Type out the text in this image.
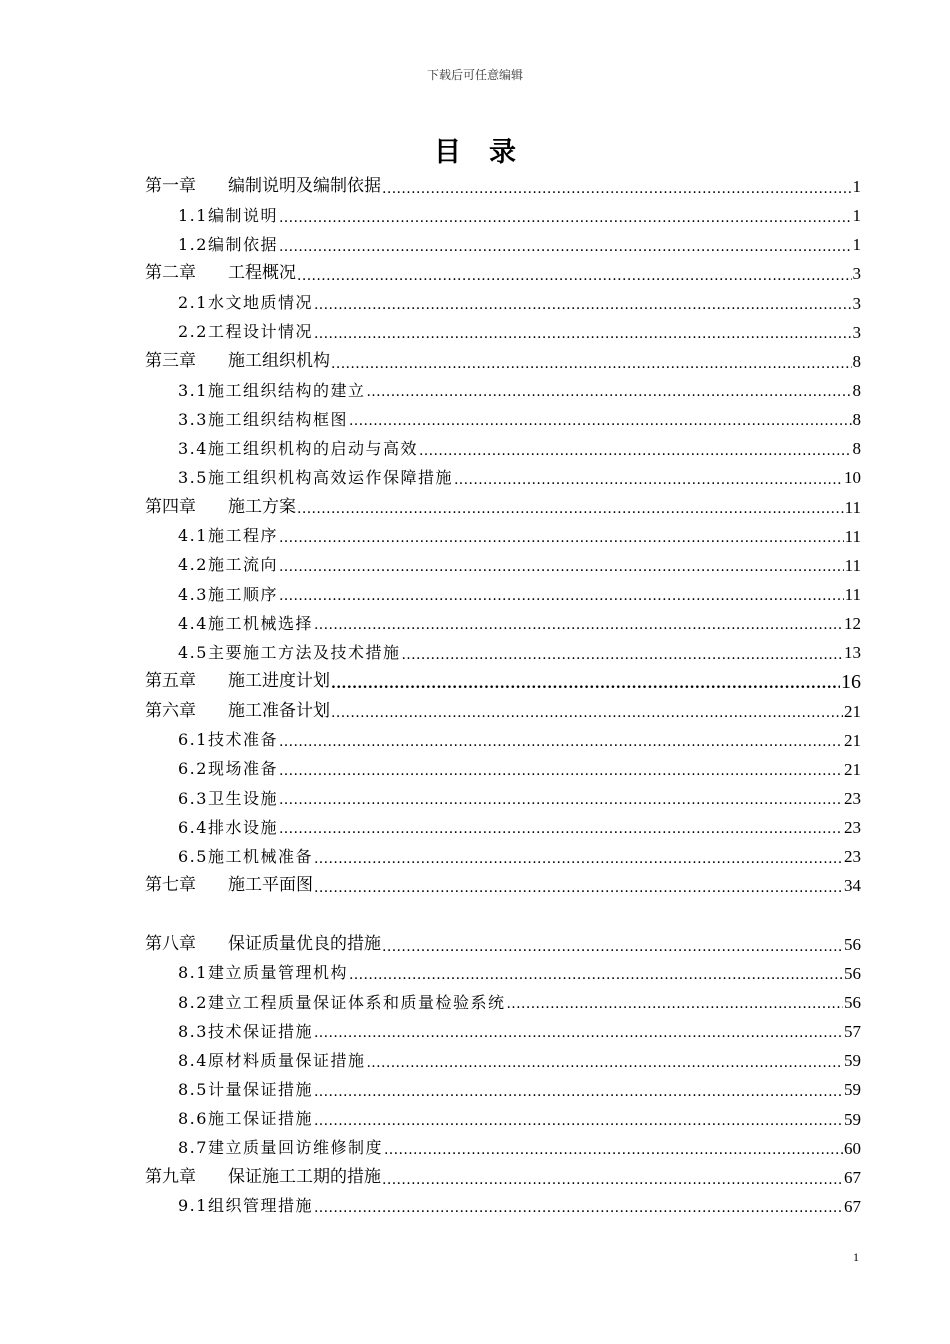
下载后可任意编辑
目录
第一章 编制说明及编制依据 .....	1
1.1编制说明 .....	1
1.2编制依据 .....	1
第二章 工程概况 .....	3
2.1水文地质情况 .....	3
2.2工程设计情况 .....	3
第三章 施工组织机构 .....	8
3.1施工组织结构的建立 .....	8
3.3施工组织结构框图 .....	8
3.4施工组织机构的启动与高效 .....	8
3.5施工组织机构高效运作保障措施 .....	10
第四章 施工方案 .....	11
4.1施工程序 .....	11
4.2施工流向 .....	11
4.3施工顺序 .....	11
4.4施工机械选择 .....	12
4.5主要施工方法及技术措施 .....	13
第五章 施工进度计划 .....	16
第六章 施工准备计划 .....	21
6.1技术准备 .....	21
6.2现场准备 .....	21
6.3卫生设施 .....	23
6.4排水设施 .....	23
6.5施工机械准备 .....	23
第七章 施工平面图 .....	34
第八章 保证质量优良的措施 .....	56
8.1建立质量管理机构 .....	56
8.2建立工程质量保证体系和质量检验系统 .....	56
8.3技术保证措施 .....	57
8.4原材料质量保证措施 .....	59
8.5计量保证措施 .....	59
8.6施工保证措施 .....	59
8.7建立质量回访维修制度 .....	60
第九章 保证施工工期的措施 .....	67
9.1组织管理措施 .....	67
1
